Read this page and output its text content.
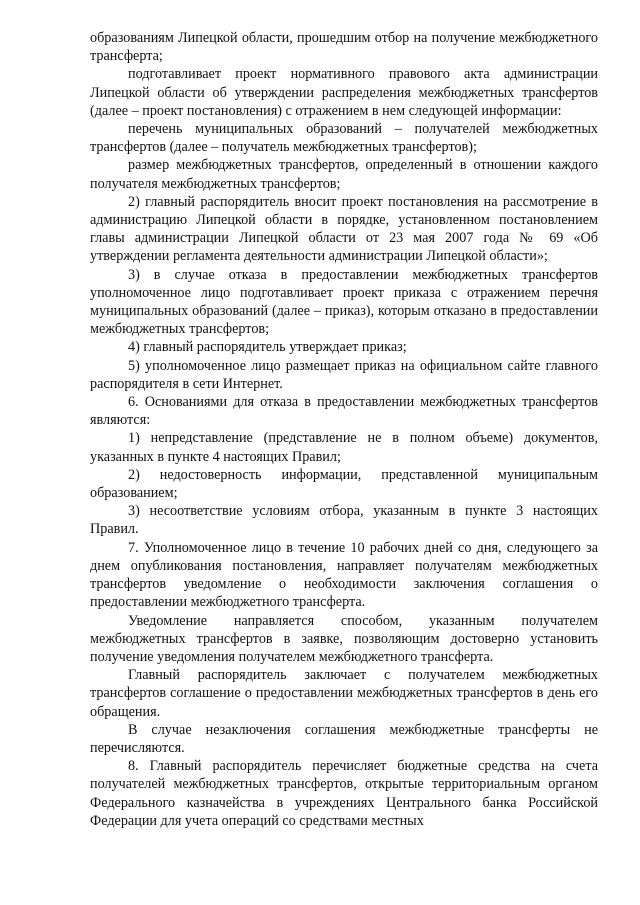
образованиям Липецкой области, прошедшим отбор на получение межбюджетного трансферта;

подготавливает проект нормативного правового акта администрации Липецкой области об утверждении распределения межбюджетных трансфертов (далее – проект постановления) с отражением в нем следующей информации:

перечень муниципальных образований – получателей межбюджетных трансфертов (далее – получатель межбюджетных трансфертов);

размер межбюджетных трансфертов, определенный в отношении каждого получателя межбюджетных трансфертов;

2) главный распорядитель вносит проект постановления на рассмотрение в администрацию Липецкой области в порядке, установленном постановлением главы администрации Липецкой области от 23 мая 2007 года № 69 «Об утверждении регламента деятельности администрации Липецкой области»;

3) в случае отказа в предоставлении межбюджетных трансфертов уполномоченное лицо подготавливает проект приказа с отражением перечня муниципальных образований (далее – приказ), которым отказано в предоставлении межбюджетных трансфертов;

4) главный распорядитель утверждает приказ;

5) уполномоченное лицо размещает приказ на официальном сайте главного распорядителя в сети Интернет.

6. Основаниями для отказа в предоставлении межбюджетных трансфертов являются:

1) непредставление (представление не в полном объеме) документов, указанных в пункте 4 настоящих Правил;

2) недостоверность информации, представленной муниципальным образованием;

3) несоответствие условиям отбора, указанным в пункте 3 настоящих Правил.

7. Уполномоченное лицо в течение 10 рабочих дней со дня, следующего за днем опубликования постановления, направляет получателям межбюджетных трансфертов уведомление о необходимости заключения соглашения о предоставлении межбюджетного трансферта.

Уведомление направляется способом, указанным получателем межбюджетных трансфертов в заявке, позволяющим достоверно установить получение уведомления получателем межбюджетного трансферта.

Главный распорядитель заключает с получателем межбюджетных трансфертов соглашение о предоставлении межбюджетных трансфертов в день его обращения.

В случае незаключения соглашения межбюджетные трансферты не перечисляются.

8. Главный распорядитель перечисляет бюджетные средства на счета получателей межбюджетных трансфертов, открытые территориальным органом Федерального казначейства в учреждениях Центрального банка Российской Федерации для учета операций со средствами местных
